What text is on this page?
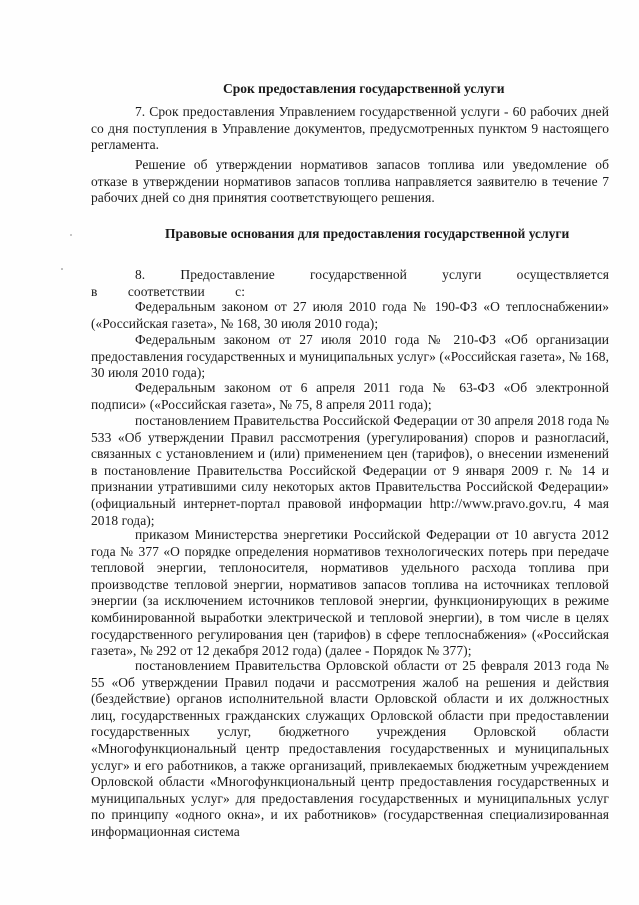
Срок предоставления государственной услуги
7. Срок предоставления Управлением государственной услуги - 60 рабочих дней со дня поступления в Управление документов, предусмотренных пунктом 9 настоящего регламента.
Решение об утверждении нормативов запасов топлива или уведомление об отказе в утверждении нормативов запасов топлива направляется заявителю в течение 7 рабочих дней со дня принятия соответствующего решения.
Правовые основания для предоставления государственной услуги
8. Предоставление государственной услуги осуществляется в соответствии с:
Федеральным законом от 27 июля 2010 года № 190-ФЗ «О теплоснабжении» («Российская газета», № 168, 30 июля 2010 года);
Федеральным законом от 27 июля 2010 года № 210-ФЗ «Об организации предоставления государственных и муниципальных услуг» («Российская газета», № 168, 30 июля 2010 года);
Федеральным законом от 6 апреля 2011 года № 63-ФЗ «Об электронной подписи» («Российская газета», № 75, 8 апреля 2011 года);
постановлением Правительства Российской Федерации от 30 апреля 2018 года № 533 «Об утверждении Правил рассмотрения (урегулирования) споров и разногласий, связанных с установлением и (или) применением цен (тарифов), о внесении изменений в постановление Правительства Российской Федерации от 9 января 2009 г. № 14 и признании утратившими силу некоторых актов Правительства Российской Федерации» (официальный интернет-портал правовой информации http://www.pravo.gov.ru, 4 мая 2018 года);
приказом Министерства энергетики Российской Федерации от 10 августа 2012 года № 377 «О порядке определения нормативов технологических потерь при передаче тепловой энергии, теплоносителя, нормативов удельного расхода топлива при производстве тепловой энергии, нормативов запасов топлива на источниках тепловой энергии (за исключением источников тепловой энергии, функционирующих в режиме комбинированной выработки электрической и тепловой энергии), в том числе в целях государственного регулирования цен (тарифов) в сфере теплоснабжения» («Российская газета», № 292 от 12 декабря 2012 года) (далее - Порядок № 377);
постановлением Правительства Орловской области от 25 февраля 2013 года № 55 «Об утверждении Правил подачи и рассмотрения жалоб на решения и действия (бездействие) органов исполнительной власти Орловской области и их должностных лиц, государственных гражданских служащих Орловской области при предоставлении государственных услуг, бюджетного учреждения Орловской области «Многофункциональный центр предоставления государственных и муниципальных услуг» и его работников, а также организаций, привлекаемых бюджетным учреждением Орловской области «Многофункциональный центр предоставления государственных и муниципальных услуг» для предоставления государственных и муниципальных услуг по принципу «одного окна», и их работников» (государственная специализированная информационная система
